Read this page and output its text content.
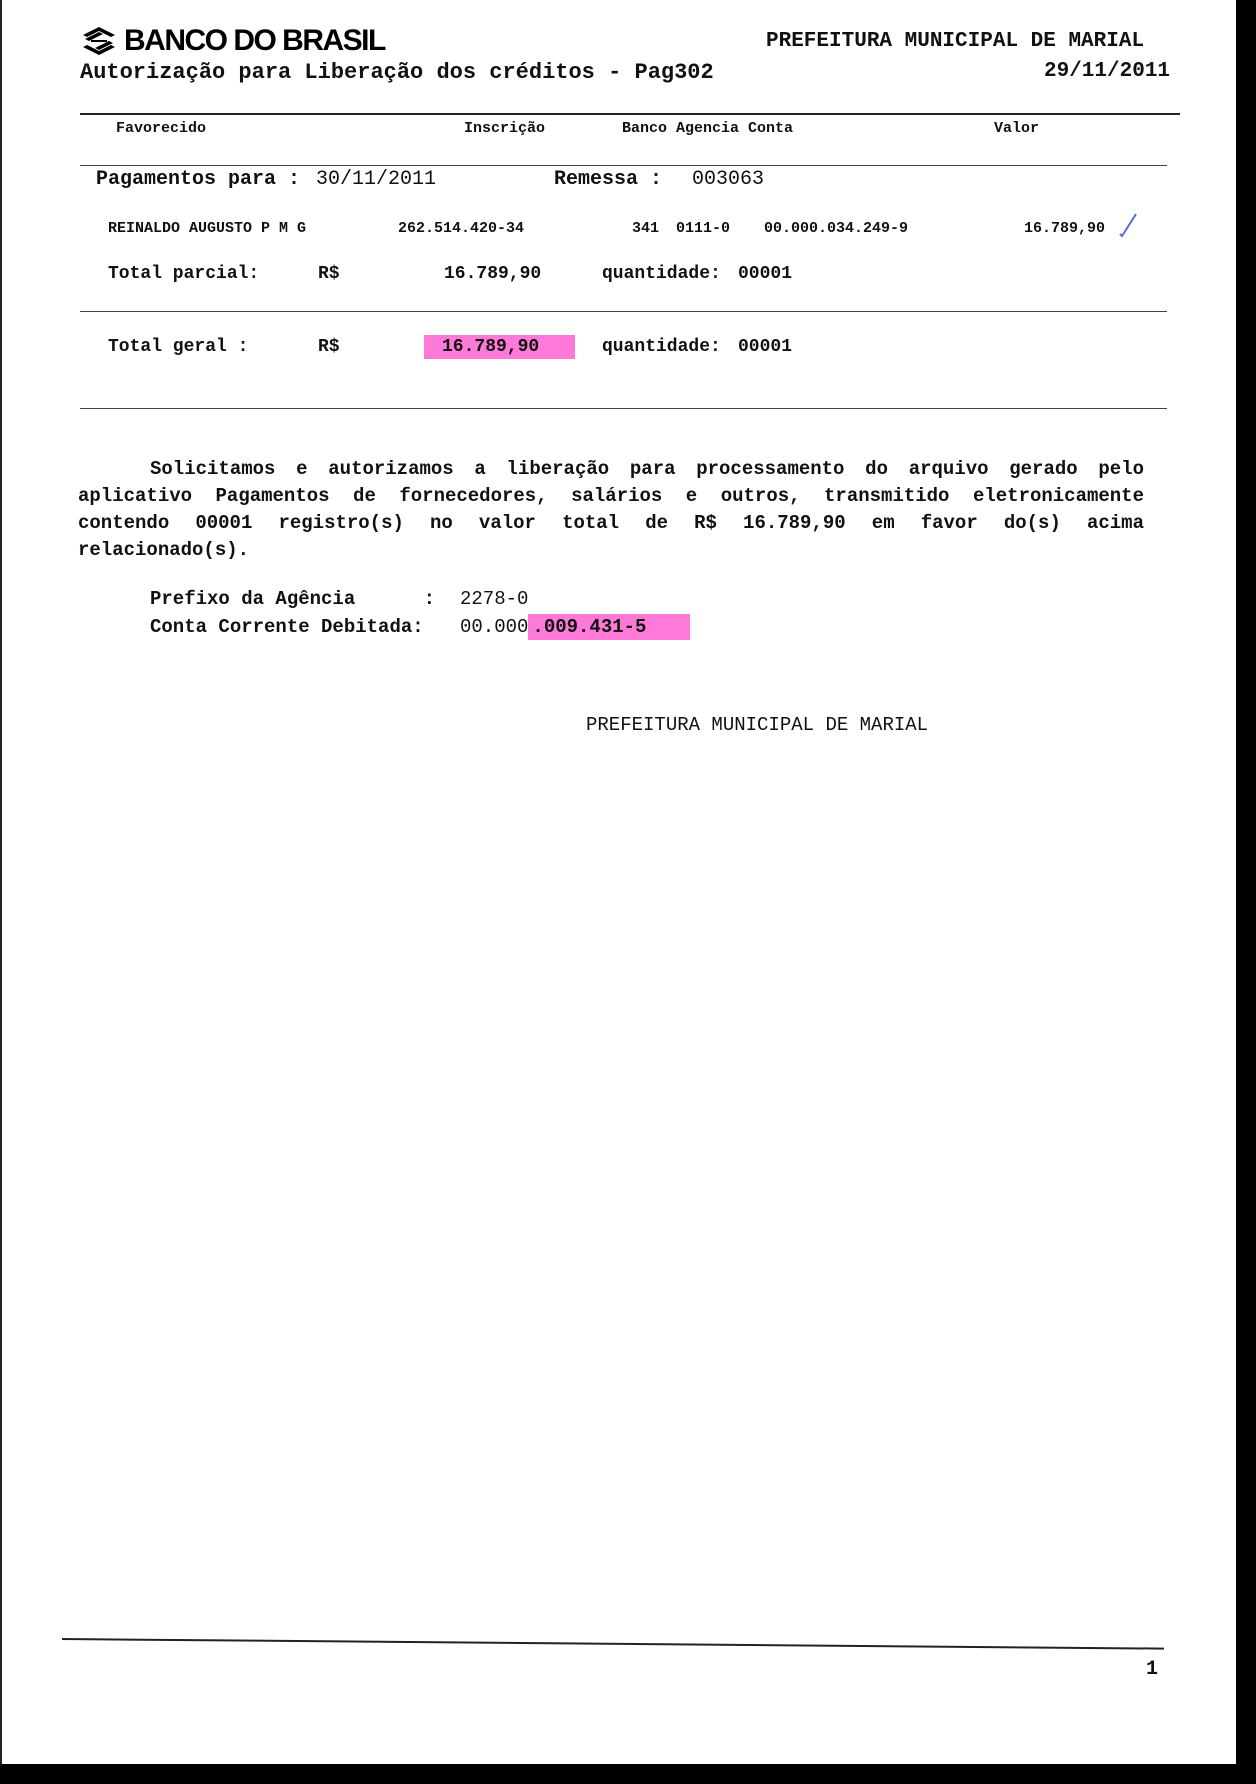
BANCO DO BRASIL
Autorização para Liberação dos créditos - Pag302
PREFEITURA MUNICIPAL DE MARIAL
29/11/2011
Favorecido	Inscrição	Banco Agencia Conta	Valor
Pagamentos para : 30/11/2011	Remessa : 003063
REINALDO AUGUSTO P M G	262.514.420-34	341 0111-0 00.000.034.249-9	16.789,90
Total parcial:	R$	16.789,90	quantidade: 00001
Total geral :	R$	16.789,90	quantidade: 00001
Solicitamos e autorizamos a liberação para processamento do arquivo gerado pelo aplicativo Pagamentos de fornecedores, salários e outros, transmitido eletronicamente contendo 00001 registro(s) no valor total de R$ 16.789,90 em favor do(s) acima relacionado(s).
Prefixo da Agência      : 2278-0
Conta Corrente Debitada: 00.000 .009.431-5
PREFEITURA MUNICIPAL DE MARIAL
1
